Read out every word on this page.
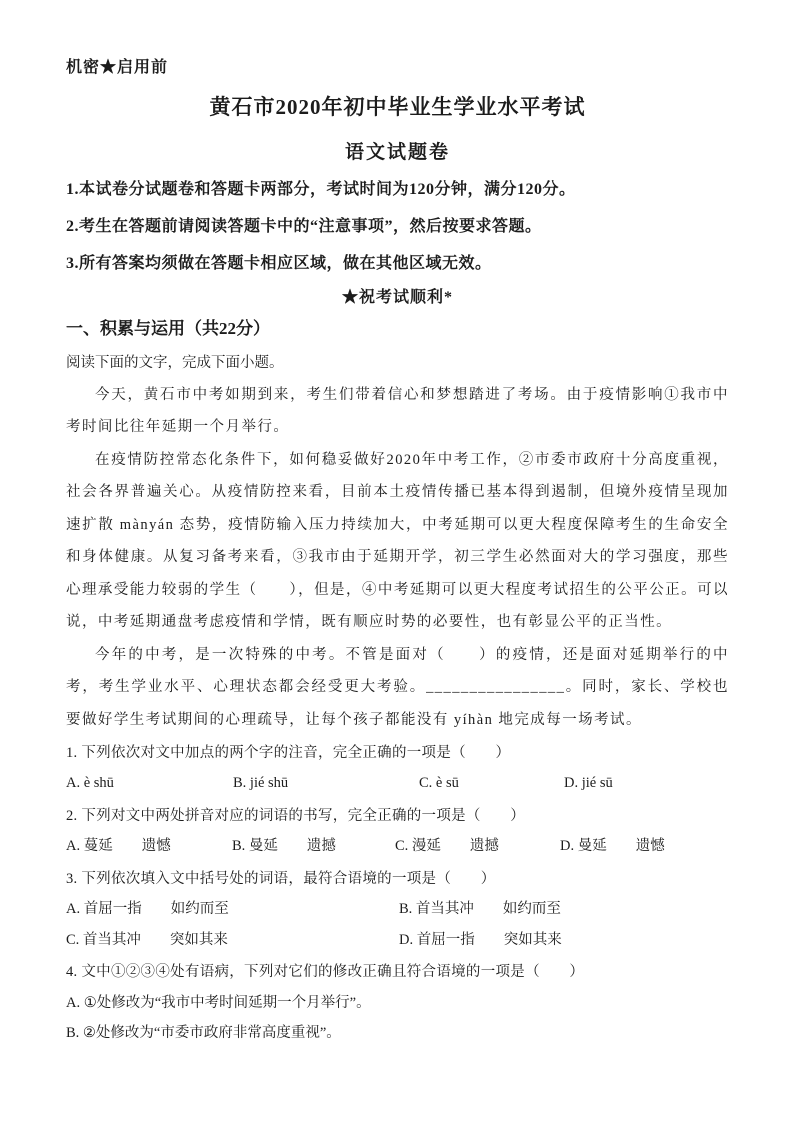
机密★启用前
黄石市2020年初中毕业生学业水平考试
语文试题卷

1.本试卷分试题卷和答题卡两部分，考试时间为120分钟，满分120分。

2.考生在答题前请阅读答题卡中的“注意事项”，然后按要求答题。

3.所有答案均须做在答题卡相应区域，做在其他区域无效。

★祝考试顺利*
一、积累与运用（共22分）

阅读下面的文字，完成下面小题。

今天，黄石市中考如期到来，考生们带着信心和梦想踏进了考场。由于疫情影响①我市中考时间比往年延期一个月举行。

在疫情防控常态化条件下，如何稳妥做好2020年中考工作，②市委市政府十分高度重视，社会各界普遍关心。从疫情防控来看，目前本土疫情传播已基本得到遏制，但境外疫情呈现加速扩散 mànyán 态势，疫情防输入压力持续加大，中考延期可以更大程度保障考生的生命安全和身体健康。从复习备考来看，③我市由于延期开学，初三学生必然面对大的学习强度，那些心理承受能力较弱的学生（　　），但是，④中考延期可以更大程度考试招生的公平公正。可以说，中考延期通盘考虑疫情和学情，既有顺应时势的必要性，也有彰显公平的正当性。

今年的中考，是一次特殊的中考。不管是面对（　　）的疫情，还是面对延期举行的中考，考生学业水平、心理状态都会经受更大考验。________________。同时，家长、学校也要做好学生考试期间的心理疏导，让每个孩子都能没有 yíhàn 地完成每一场考试。

1. 下列依次对文中加点的两个字的注音，完全正确的一项是（　　）

A. è shū	B. jié shū	C. è sū	D. jié sū

2. 下列对文中两处拼音对应的词语的书写，完全正确的一项是（　　）

A. 蔓延　　遗憾	B. 曼延　　遗撼	C. 漫延　　遗撼	D. 曼延　　遗憾

3. 下列依次填入文中括号处的词语，最符合语境的一项是（　　）

A. 首屈一指　　如约而至	B. 首当其冲　　如约而至
C. 首当其冲　　突如其来	D. 首屈一指　　突如其来

4. 文中①②③④处有语病，下列对它们的修改正确且符合语境的一项是（　　）

A. ①处修改为“我市中考时间延期一个月举行”。
B. ②处修改为“市委市政府非常高度重视”。
